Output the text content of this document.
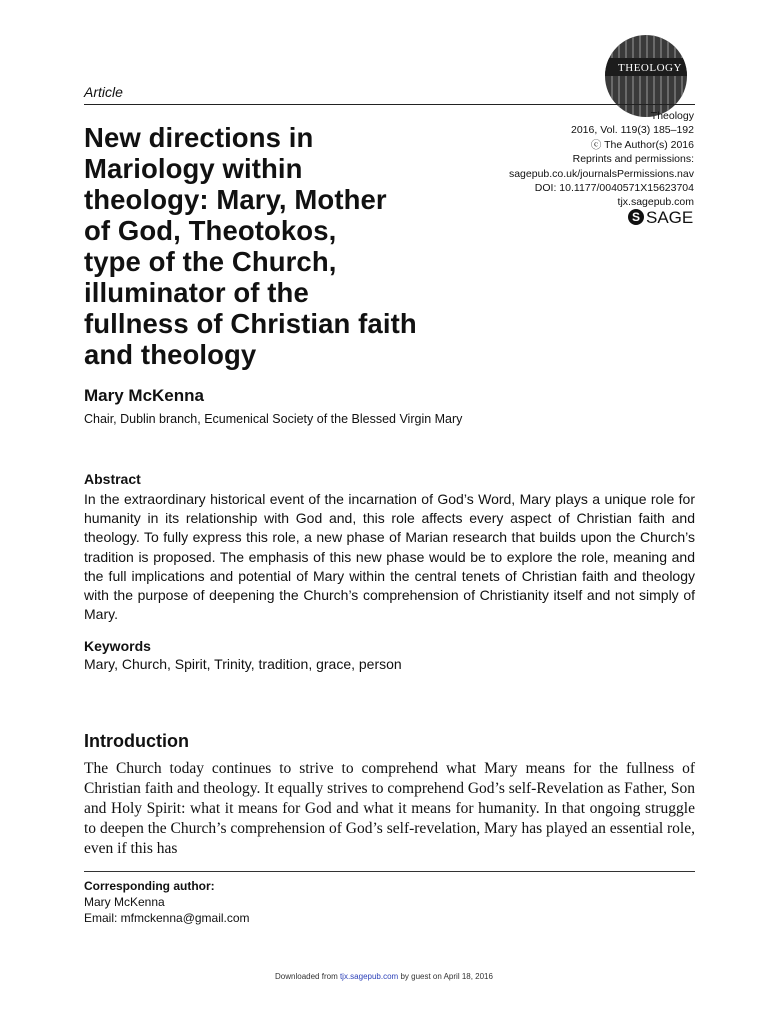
THEOLOGY
Article
Theology
2016, Vol. 119(3) 185–192
ⓒ The Author(s) 2016
Reprints and permissions:
sagepub.co.uk/journalsPermissions.nav
DOI: 10.1177/0040571X15623704
tjx.sagepub.com
S SAGE
New directions in
Mariology within
theology: Mary, Mother
of God, Theotokos,
type of the Church,
illuminator of the
fullness of Christian faith
and theology
Mary McKenna
Chair, Dublin branch, Ecumenical Society of the Blessed Virgin Mary
Abstract

In the extraordinary historical event of the incarnation of God’s Word, Mary plays a unique role for humanity in its relationship with God and, this role affects every aspect of Christian faith and theology. To fully express this role, a new phase of Marian research that builds upon the Church’s tradition is proposed. The emphasis of this new phase would be to explore the role, meaning and the full implications and potential of Mary within the central tenets of Christian faith and theology with the purpose of deepening the Church’s comprehension of Christianity itself and not simply of Mary.

Keywords
Mary, Church, Spirit, Trinity, tradition, grace, person
Introduction

The Church today continues to strive to comprehend what Mary means for the fullness of Christian faith and theology. It equally strives to comprehend God’s self-Revelation as Father, Son and Holy Spirit: what it means for God and what it means for humanity. In that ongoing struggle to deepen the Church’s comprehension of God’s self-revelation, Mary has played an essential role, even if this has

Corresponding author:
Mary McKenna
Email: mfmckenna@gmail.com
Downloaded from tjx.sagepub.com by guest on April 18, 2016
